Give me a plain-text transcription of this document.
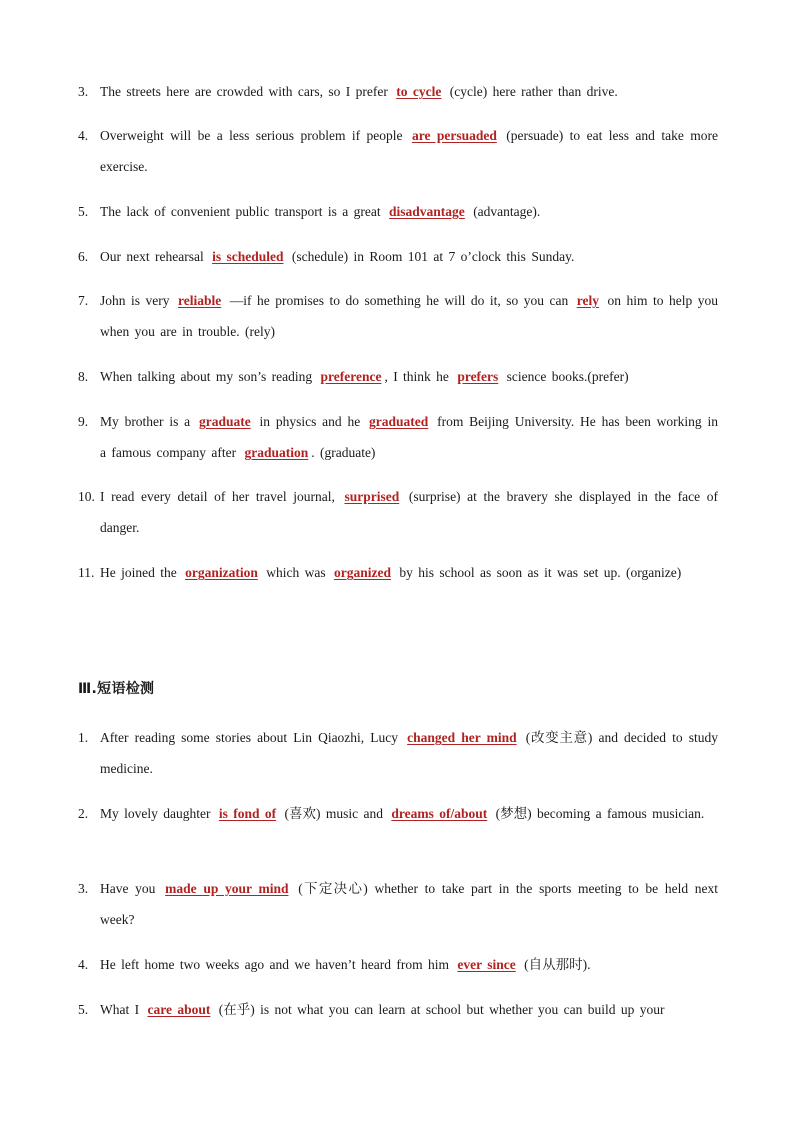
3. The streets here are crowded with cars, so I prefer to cycle (cycle) here rather than drive.
4. Overweight will be a less serious problem if people are persuaded (persuade) to eat less and take more exercise.
5. The lack of convenient public transport is a great disadvantage (advantage).
6. Our next rehearsal is scheduled (schedule) in Room 101 at 7 o’clock this Sunday.
7. John is very reliable —if he promises to do something he will do it, so you can rely on him to help you when you are in trouble. (rely)
8. When talking about my son’s reading preference , I think he prefers science books.(prefer)
9. My brother is a graduate in physics and he graduated from Beijing University. He has been working in a famous company after graduation . (graduate)
10. I read every detail of her travel journal, surprised (surprise) at the bravery she displayed in the face of danger.
11. He joined the organization which was organized by his school as soon as it was set up. (organize)
Ⅲ.短语检测
1. After reading some stories about Lin Qiaozhi, Lucy changed her mind (改变主意) and decided to study medicine.
2. My lovely daughter is fond of (喜欢) music and dreams of/about (梦想) becoming a famous musician.
3. Have you made up your mind (下定决心) whether to take part in the sports meeting to be held next week?
4. He left home two weeks ago and we haven’t heard from him ever since (自从那时).
5. What I care about (在乎) is not what you can learn at school but whether you can build up your
